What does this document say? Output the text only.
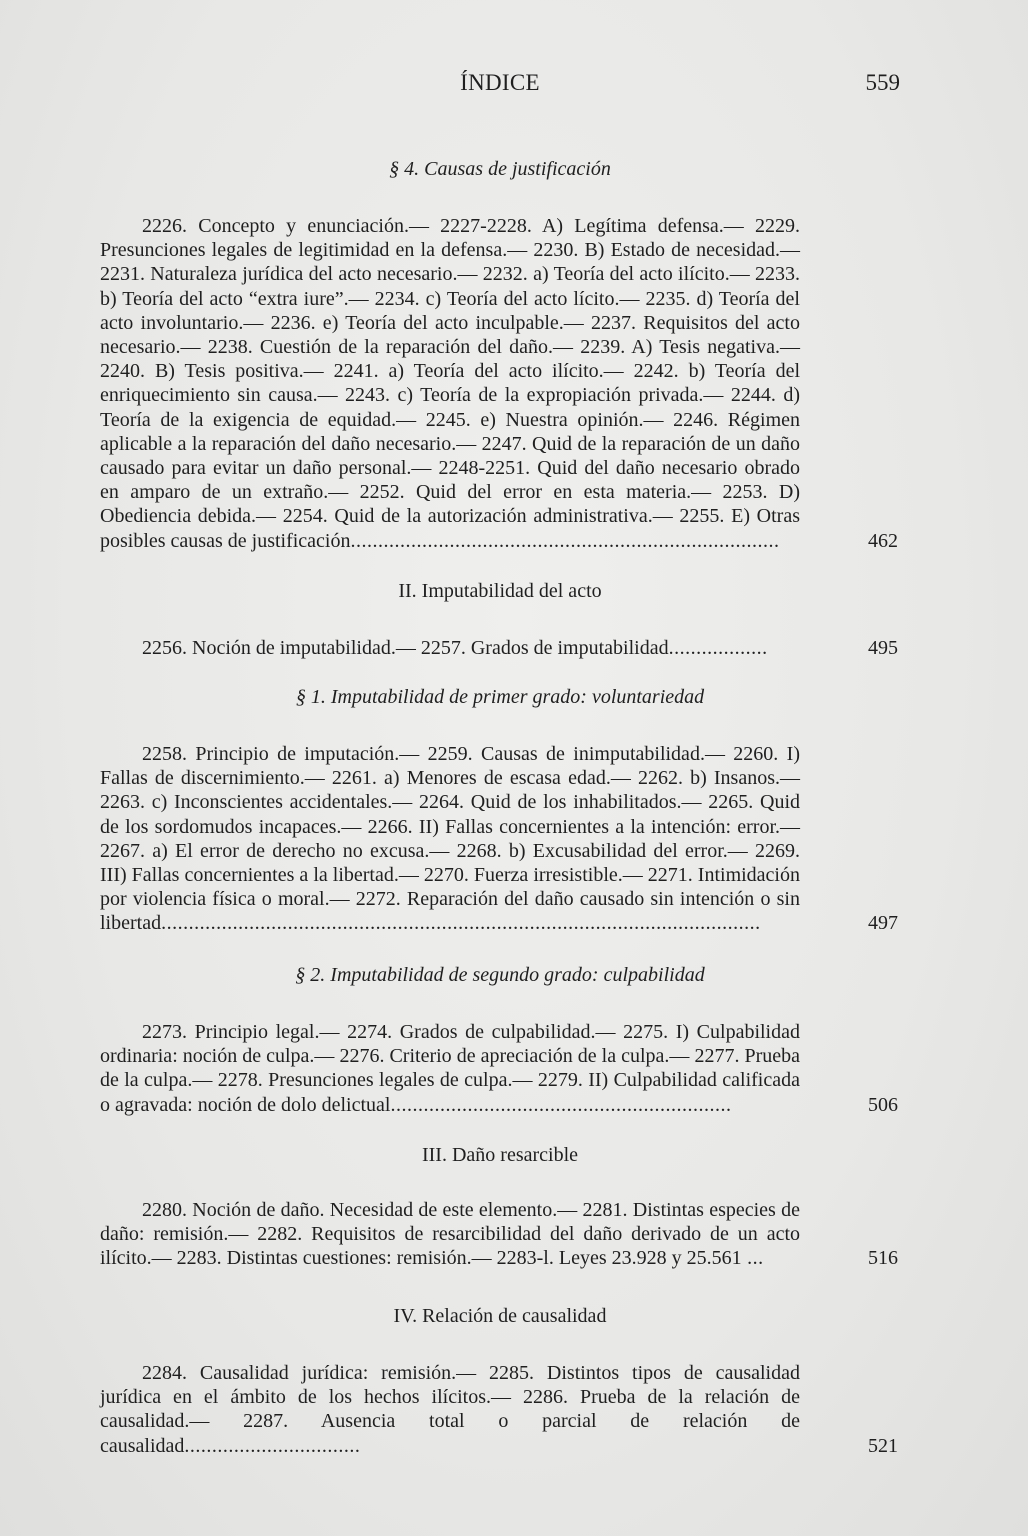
ÍNDICE	559
§ 4. Causas de justificación
2226. Concepto y enunciación.— 2227-2228. A) Legítima defensa.— 2229. Presunciones legales de legitimidad en la defensa.— 2230. B) Estado de necesidad.— 2231. Naturaleza jurídica del acto necesario.— 2232. a) Teoría del acto ilícito.— 2233. b) Teoría del acto “extra iure”.— 2234. c) Teoría del acto lícito.— 2235. d) Teoría del acto involuntario.— 2236. e) Teoría del acto inculpable.— 2237. Requisitos del acto necesario.— 2238. Cuestión de la reparación del daño.— 2239. A) Tesis negativa.— 2240. B) Tesis positiva.— 2241. a) Teoría del acto ilícito.— 2242. b) Teoría del enriquecimiento sin causa.— 2243. c) Teoría de la expropiación privada.— 2244. d) Teoría de la exigencia de equidad.— 2245. e) Nuestra opinión.— 2246. Régimen aplicable a la reparación del daño necesario.— 2247. Quid de la reparación de un daño causado para evitar un daño personal.— 2248-2251. Quid del daño necesario obrado en amparo de un extraño.— 2252. Quid del error en esta materia.— 2253. D) Obediencia debida.— 2254. Quid de la autorización administrativa.— 2255. E) Otras posibles causas de justificación..............................................................................	462
II. Imputabilidad del acto
2256. Noción de imputabilidad.— 2257. Grados de imputabilidad..................	495
§ 1. Imputabilidad de primer grado: voluntariedad
2258. Principio de imputación.— 2259. Causas de inimputabilidad.— 2260. I) Fallas de discernimiento.— 2261. a) Menores de escasa edad.— 2262. b) Insanos.— 2263. c) Inconscientes accidentales.— 2264. Quid de los inhabilitados.— 2265. Quid de los sordomudos incapaces.— 2266. II) Fallas concernientes a la intención: error.— 2267. a) El error de derecho no excusa.— 2268. b) Excusabilidad del error.— 2269. III) Fallas concernientes a la libertad.— 2270. Fuerza irresistible.— 2271. Intimidación por violencia física o moral.— 2272. Reparación del daño causado sin intención o sin libertad.............................................................................................................	497
§ 2. Imputabilidad de segundo grado: culpabilidad
2273. Principio legal.— 2274. Grados de culpabilidad.— 2275. I) Culpabilidad ordinaria: noción de culpa.— 2276. Criterio de apreciación de la culpa.— 2277. Prueba de la culpa.— 2278. Presunciones legales de culpa.— 2279. II) Culpabilidad calificada o agravada: noción de dolo delictual..............................................................	506
III. Daño resarcible
2280. Noción de daño. Necesidad de este elemento.— 2281. Distintas especies de daño: remisión.— 2282. Requisitos de resarcibilidad del daño derivado de un acto ilícito.— 2283. Distintas cuestiones: remisión.— 2283-l. Leyes 23.928 y 25.561 ...	516
IV. Relación de causalidad
2284. Causalidad jurídica: remisión.— 2285. Distintos tipos de causalidad jurídica en el ámbito de los hechos ilícitos.— 2286. Prueba de la relación de causalidad.— 2287. Ausencia total o parcial de relación de causalidad................................	521
